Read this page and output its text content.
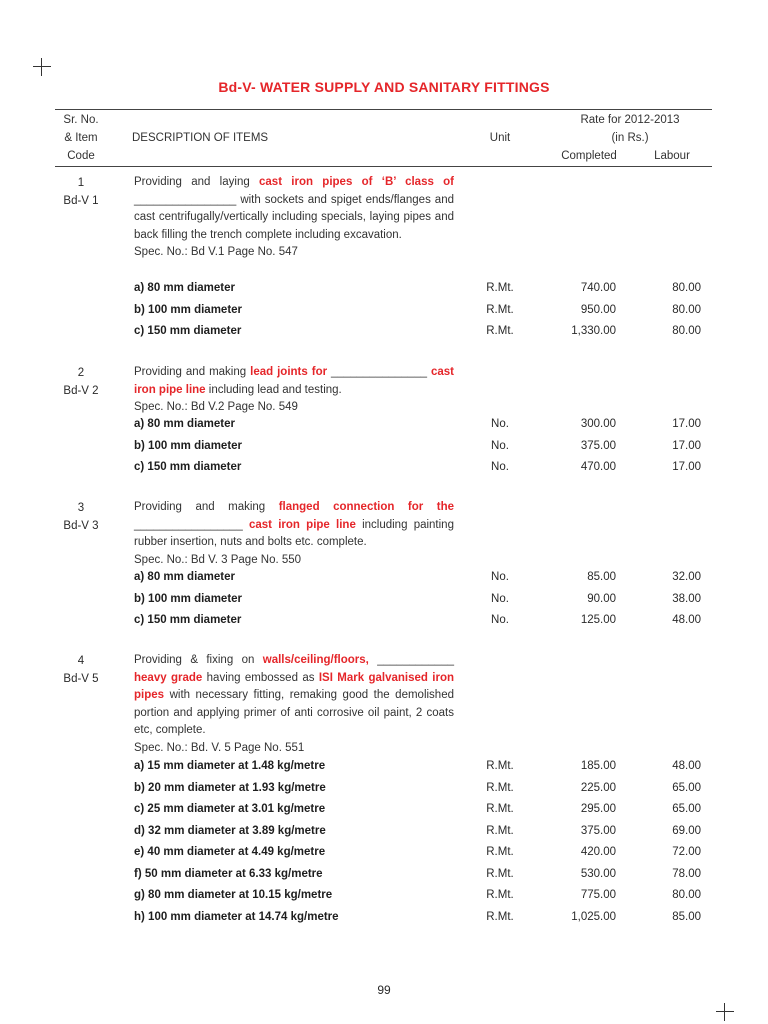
Bd-V- WATER SUPPLY AND SANITARY FITTINGS
Sr. No.
& Item
Code
DESCRIPTION OF ITEMS	Unit
Rate for 2012-2013
(in Rs.)
Completed	Labour
1
Bd-V 1

Providing and laying cast iron pipes of ‘B’ class of ________________ with sockets and spiget ends/flanges and cast centrifugally/vertically including specials, laying pipes and back filling the trench complete including excavation.

Spec. No.: Bd V.1 Page No. 547

a) 80 mm diameter	R.Mt.	740.00	80.00
b) 100 mm diameter	R.Mt.	950.00	80.00
c) 150 mm diameter	R.Mt.	1,330.00	80.00
2
Bd-V 2

Providing and making lead joints for _______________ cast iron pipe line including lead and testing.

Spec. No.: Bd V.2 Page No. 549

a) 80 mm diameter	No.	300.00	17.00
b) 100 mm diameter	No.	375.00	17.00
c) 150 mm diameter	No.	470.00	17.00
3
Bd-V 3

Providing and making flanged connection for the _________________ cast iron pipe line including painting rubber insertion, nuts and bolts etc. complete.

Spec. No.: Bd V. 3 Page No. 550

a) 80 mm diameter	No.	85.00	32.00
b) 100 mm diameter	No.	90.00	38.00
c) 150 mm diameter	No.	125.00	48.00
4
Bd-V 5

Providing & fixing on walls/ceiling/floors, ____________ heavy grade having embossed as ISI Mark galvanised iron pipes with necessary fitting, remaking good the demolished portion and applying primer of anti corrosive oil paint, 2 coats etc, complete.

Spec. No.: Bd. V. 5 Page No. 551

a) 15 mm diameter at 1.48 kg/metre	R.Mt.	185.00	48.00
b) 20 mm diameter at 1.93 kg/metre	R.Mt.	225.00	65.00
c) 25 mm diameter at 3.01 kg/metre	R.Mt.	295.00	65.00
d) 32 mm diameter at 3.89 kg/metre	R.Mt.	375.00	69.00
e) 40 mm diameter at 4.49 kg/metre	R.Mt.	420.00	72.00
f) 50 mm diameter at 6.33 kg/metre	R.Mt.	530.00	78.00
g) 80 mm diameter at 10.15 kg/metre	R.Mt.	775.00	80.00
h) 100 mm diameter at 14.74 kg/metre	R.Mt.	1,025.00	85.00
99
